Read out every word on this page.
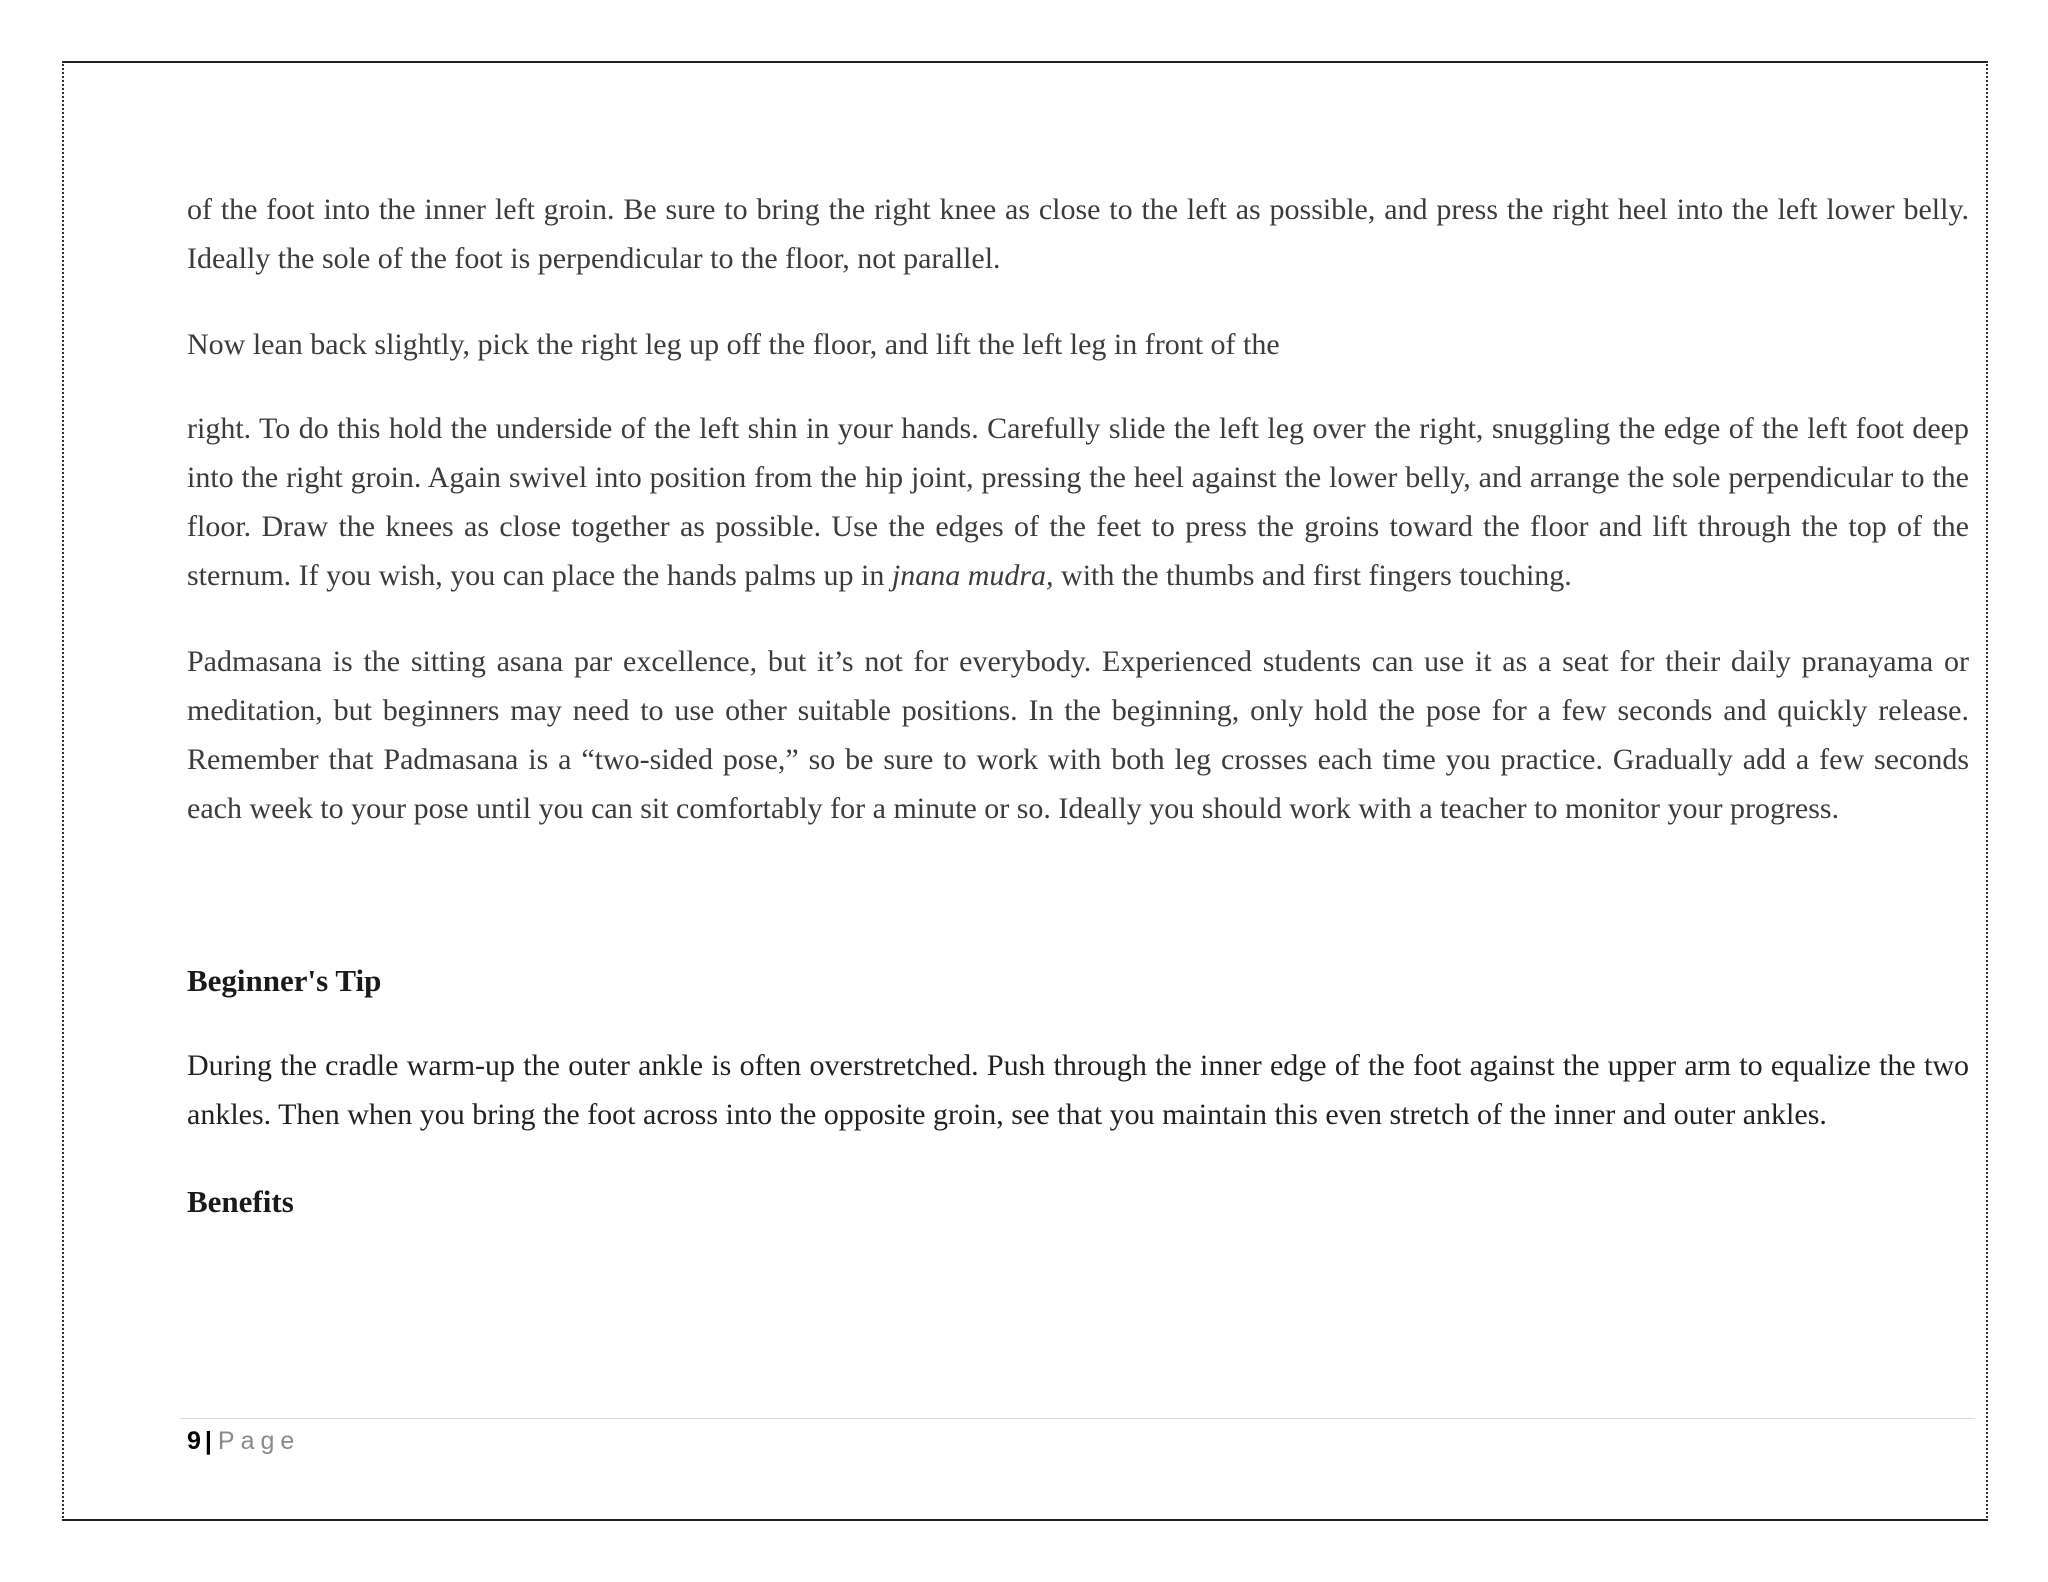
of the foot into the inner left groin. Be sure to bring the right knee as close to the left as possible, and press the right heel into the left lower belly. Ideally the sole of the foot is perpendicular to the floor, not parallel.

Now lean back slightly, pick the right leg up off the floor, and lift the left leg in front of the

right. To do this hold the underside of the left shin in your hands. Carefully slide the left leg over the right, snuggling the edge of the left foot deep into the right groin. Again swivel into position from the hip joint, pressing the heel against the lower belly, and arrange the sole perpendicular to the floor. Draw the knees as close together as possible. Use the edges of the feet to press the groins toward the floor and lift through the top of the sternum. If you wish, you can place the hands palms up in jnana mudra, with the thumbs and first fingers touching.

Padmasana is the sitting asana par excellence, but it’s not for everybody. Experienced students can use it as a seat for their daily pranayama or meditation, but beginners may need to use other suitable positions. In the beginning, only hold the pose for a few seconds and quickly release. Remember that Padmasana is a “two-sided pose,” so be sure to work with both leg crosses each time you practice. Gradually add a few seconds each week to your pose until you can sit comfortably for a minute or so. Ideally you should work with a teacher to monitor your progress.

Beginner's Tip

During the cradle warm-up the outer ankle is often overstretched. Push through the inner edge of the foot against the upper arm to equalize the two ankles. Then when you bring the foot across into the opposite groin, see that you maintain this even stretch of the inner and outer ankles.

Benefits
9 | Page
